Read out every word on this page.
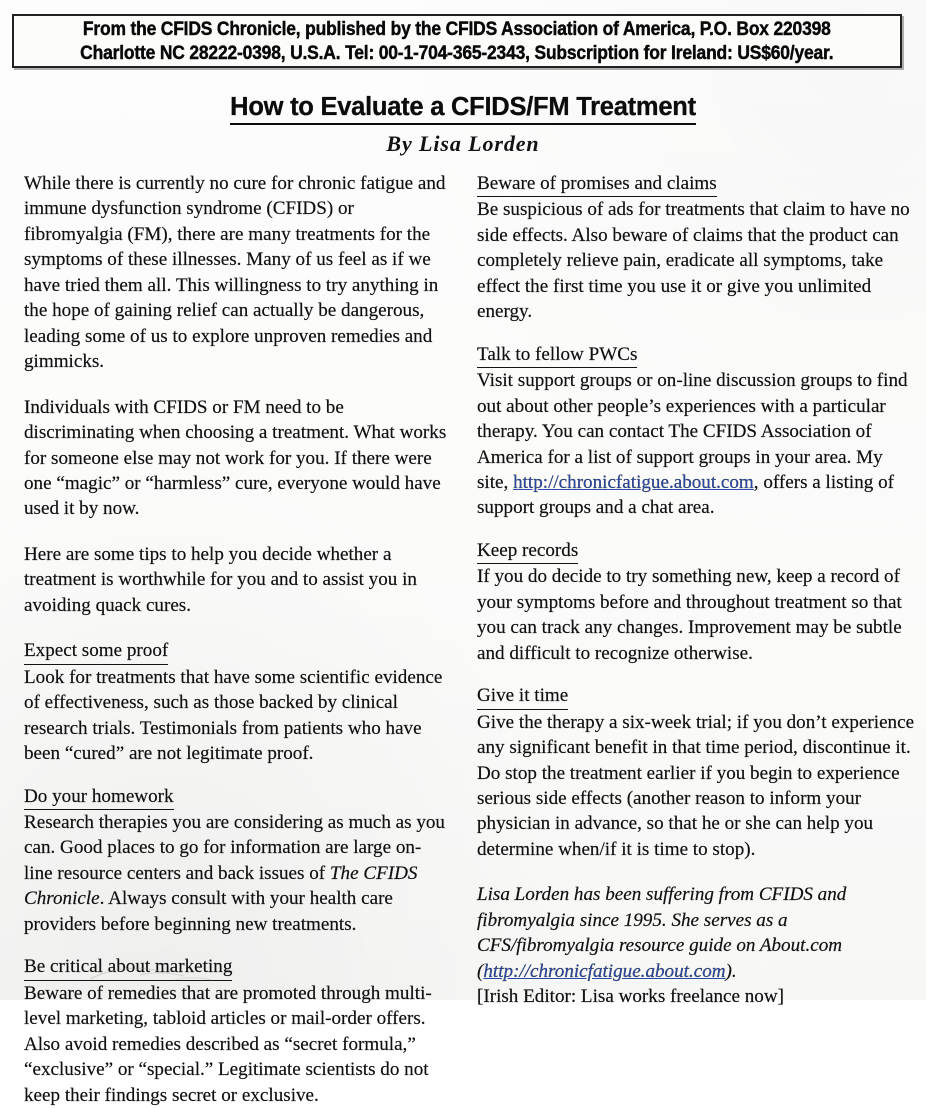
From the CFIDS Chronicle, published by the CFIDS Association of America, P.O. Box 220398
Charlotte NC 28222-0398, U.S.A. Tel: 00-1-704-365-2343, Subscription for Ireland: US$60/year.
How to Evaluate a CFIDS/FM Treatment
By Lisa Lorden

While there is currently no cure for chronic fatigue and immune dysfunction syndrome (CFIDS) or fibromyalgia (FM), there are many treatments for the symptoms of these illnesses. Many of us feel as if we have tried them all. This willingness to try anything in the hope of gaining relief can actually be dangerous, leading some of us to explore unproven remedies and gimmicks.

Individuals with CFIDS or FM need to be discriminating when choosing a treatment. What works for someone else may not work for you. If there were one “magic” or “harmless” cure, everyone would have used it by now.

Here are some tips to help you decide whether a treatment is worthwhile for you and to assist you in avoiding quack cures.

Expect some proof

Look for treatments that have some scientific evidence of effectiveness, such as those backed by clinical research trials. Testimonials from patients who have been “cured” are not legitimate proof.

Do your homework

Research therapies you are considering as much as you can. Good places to go for information are large on-line resource centers and back issues of The CFIDS Chronicle. Always consult with your health care providers before beginning new treatments.

Be critical about marketing

Beware of remedies that are promoted through multi-level marketing, tabloid articles or mail-order offers. Also avoid remedies described as “secret formula,” “exclusive” or “special.” Legitimate scientists do not keep their findings secret or exclusive.

Beware of promises and claims

Be suspicious of ads for treatments that claim to have no side effects. Also beware of claims that the product can completely relieve pain, eradicate all symptoms, take effect the first time you use it or give you unlimited energy.

Talk to fellow PWCs

Visit support groups or on-line discussion groups to find out about other people’s experiences with a particular therapy. You can contact The CFIDS Association of America for a list of support groups in your area. My site, http://chronicfatigue.about.com, offers a listing of support groups and a chat area.

Keep records

If you do decide to try something new, keep a record of your symptoms before and throughout treatment so that you can track any changes. Improvement may be subtle and difficult to recognize otherwise.

Give it time

Give the therapy a six-week trial; if you don’t experience any significant benefit in that time period, discontinue it. Do stop the treatment earlier if you begin to experience serious side effects (another reason to inform your physician in advance, so that he or she can help you determine when/if it is time to stop).

Lisa Lorden has been suffering from CFIDS and fibromyalgia since 1995. She serves as a CFS/fibromyalgia resource guide on About.com (http://chronicfatigue.about.com).

[Irish Editor: Lisa works freelance now]
